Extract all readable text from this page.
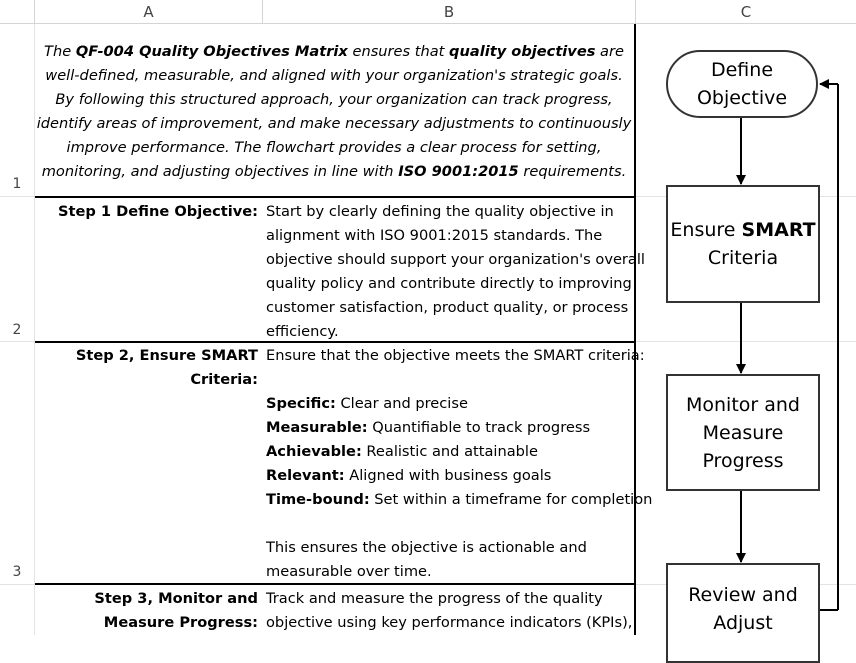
A	B	C
1
2
3
The QF-004 Quality Objectives Matrix ensures that quality objectives are well-defined, measurable, and aligned with your organization's strategic goals. By following this structured approach, your organization can track progress, identify areas of improvement, and make necessary adjustments to continuously improve performance. The flowchart provides a clear process for setting, monitoring, and adjusting objectives in line with ISO 9001:2015 requirements.
Step 1 Define Objective: Start by clearly defining the quality objective in

alignment with ISO 9001:2015 standards. The

objective should support your organization's overall

quality policy and contribute directly to improving

customer satisfaction, product quality, or process

efficiency.

Step 2, Ensure SMART Criteria:

Ensure that the objective meets the SMART criteria:

Specific: Clear and precise

Measurable: Quantifiable to track progress

Achievable: Realistic and attainable

Relevant: Aligned with business goals

Time-bound: Set within a timeframe for completion

This ensures the objective is actionable and

measurable over time.

Step 3, Monitor and Measure Progress:

Track and measure the progress of the quality

objective using key performance indicators (KPIs),

Define
Objective
Ensure SMART
Criteria
Monitor and
Measure
Progress
Review and
Adjust
